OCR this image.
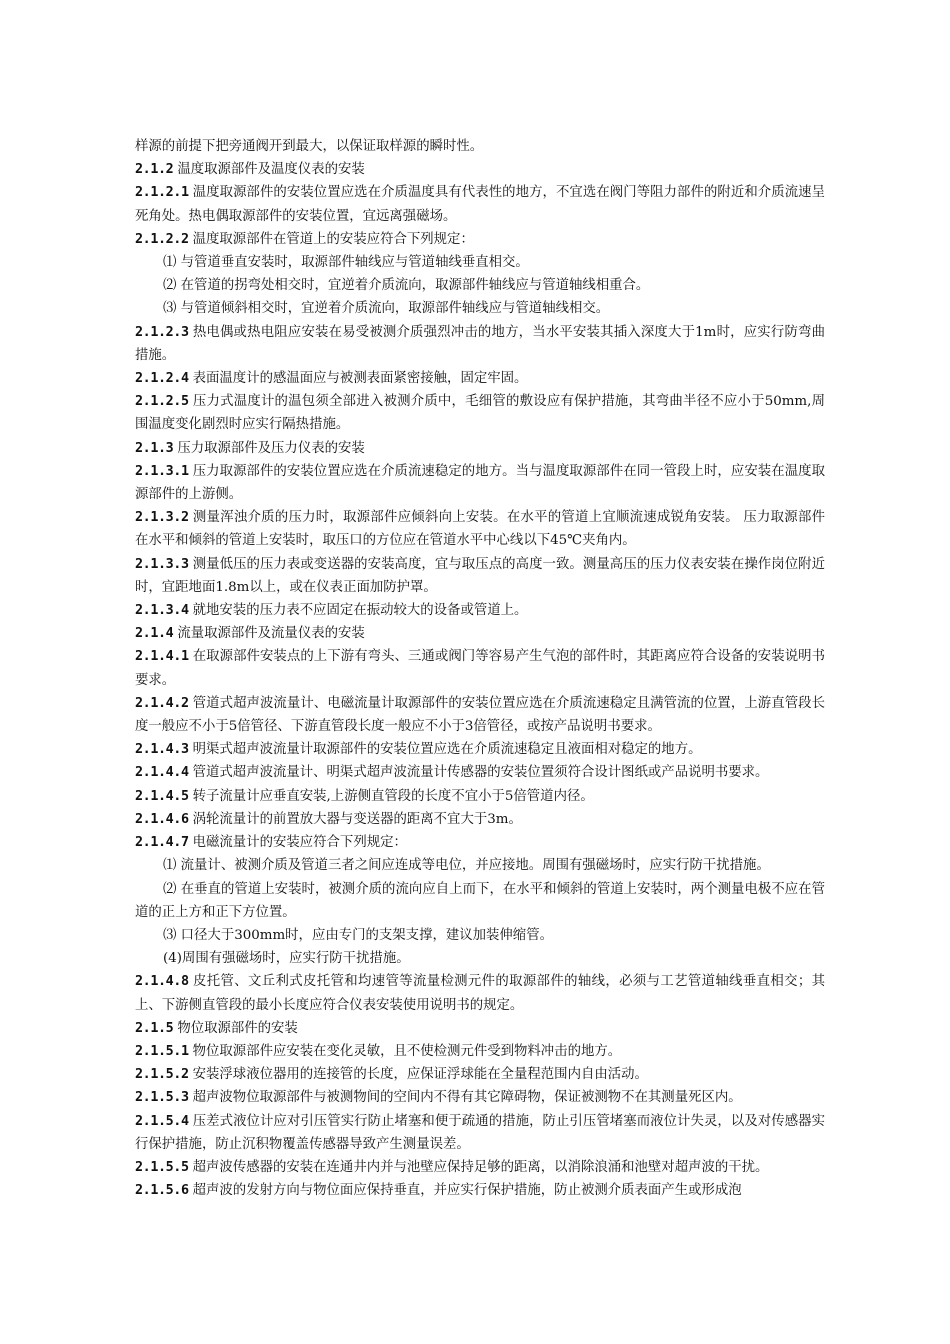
样源的前提下把旁通阀开到最大，以保证取样源的瞬时性。

2.1.2 温度取源部件及温度仪表的安装

2.1.2.1 温度取源部件的安装位置应选在介质温度具有代表性的地方，不宜选在阀门等阻力部件的附近和介质流速呈死角处。热电偶取源部件的安装位置，宜远离强磁场。

2.1.2.2 温度取源部件在管道上的安装应符合下列规定：

⑴ 与管道垂直安装时，取源部件轴线应与管道轴线垂直相交。

⑵ 在管道的拐弯处相交时，宜逆着介质流向，取源部件轴线应与管道轴线相重合。

⑶ 与管道倾斜相交时，宜逆着介质流向，取源部件轴线应与管道轴线相交。

2.1.2.3 热电偶或热电阻应安装在易受被测介质强烈冲击的地方，当水平安装其插入深度大于1m时，应实行防弯曲措施。

2.1.2.4 表面温度计的感温面应与被测表面紧密接触，固定牢固。

2.1.2.5 压力式温度计的温包须全部进入被测介质中，毛细管的敷设应有保护措施，其弯曲半径不应小于50mm,周围温度变化剧烈时应实行隔热措施。

2.1.3 压力取源部件及压力仪表的安装

2.1.3.1 压力取源部件的安装位置应选在介质流速稳定的地方。当与温度取源部件在同一管段上时，应安装在温度取源部件的上游侧。

2.1.3.2 测量浑浊介质的压力时，取源部件应倾斜向上安装。在水平的管道上宜顺流速成锐角安装。 压力取源部件在水平和倾斜的管道上安装时，取压口的方位应在管道水平中心线以下45℃夹角内。

2.1.3.3 测量低压的压力表或变送器的安装高度，宜与取压点的高度一致。测量高压的压力仪表安装在操作岗位附近时，宜距地面1.8m以上，或在仪表正面加防护罩。

2.1.3.4 就地安装的压力表不应固定在振动较大的设备或管道上。

2.1.4 流量取源部件及流量仪表的安装

2.1.4.1 在取源部件安装点的上下游有弯头、三通或阀门等容易产生气泡的部件时，其距离应符合设备的安装说明书要求。

2.1.4.2 管道式超声波流量计、电磁流量计取源部件的安装位置应选在介质流速稳定且满管流的位置，上游直管段长度一般应不小于5倍管径、下游直管段长度一般应不小于3倍管径，或按产品说明书要求。

2.1.4.3 明渠式超声波流量计取源部件的安装位置应选在介质流速稳定且液面相对稳定的地方。

2.1.4.4 管道式超声波流量计、明渠式超声波流量计传感器的安装位置须符合设计图纸或产品说明书要求。

2.1.4.5 转子流量计应垂直安装,上游侧直管段的长度不宜小于5倍管道内径。

2.1.4.6 涡轮流量计的前置放大器与变送器的距离不宜大于3m。

2.1.4.7 电磁流量计的安装应符合下列规定：

⑴ 流量计、被测介质及管道三者之间应连成等电位，并应接地。周围有强磁场时，应实行防干扰措施。

⑵ 在垂直的管道上安装时，被测介质的流向应自上而下，在水平和倾斜的管道上安装时，两个测量电极不应在管道的正上方和正下方位置。

⑶ 口径大于300mm时，应由专门的支架支撑，建议加装伸缩管。

(4)周围有强磁场时，应实行防干扰措施。

2.1.4.8 皮托管、文丘利式皮托管和均速管等流量检测元件的取源部件的轴线，必须与工艺管道轴线垂直相交；其上、下游侧直管段的最小长度应符合仪表安装使用说明书的规定。

2.1.5 物位取源部件的安装

2.1.5.1 物位取源部件应安装在变化灵敏，且不使检测元件受到物料冲击的地方。

2.1.5.2 安装浮球液位器用的连接管的长度，应保证浮球能在全量程范围内自由活动。

2.1.5.3 超声波物位取源部件与被测物间的空间内不得有其它障碍物，保证被测物不在其测量死区内。

2.1.5.4 压差式液位计应对引压管实行防止堵塞和便于疏通的措施，防止引压管堵塞而液位计失灵，以及对传感器实行保护措施，防止沉积物覆盖传感器导致产生测量误差。

2.1.5.5 超声波传感器的安装在连通井内并与池壁应保持足够的距离，以消除浪涌和池壁对超声波的干扰。

2.1.5.6 超声波的发射方向与物位面应保持垂直，并应实行保护措施，防止被测介质表面产生或形成泡
